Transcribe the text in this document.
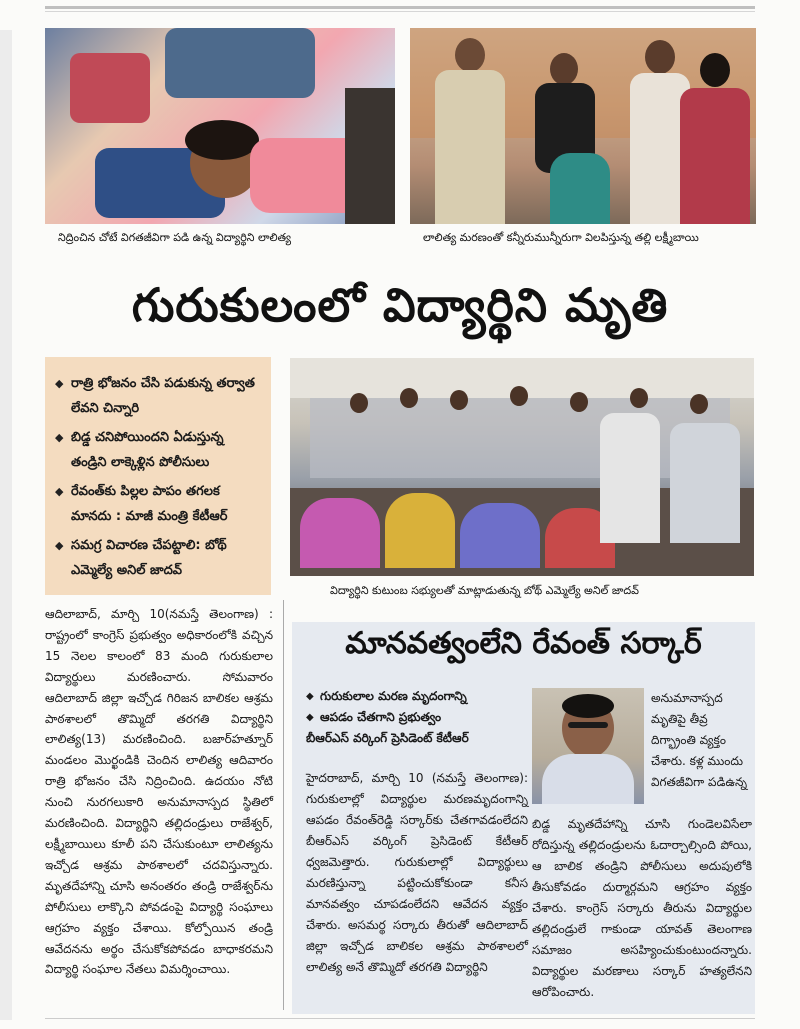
నిద్రించిన చోటే విగతజీవిగా పడి ఉన్న విద్యార్థిని లాలిత్య	లాలిత్య మరణంతో కన్నీరుమున్నీరుగా విలపిస్తున్న తల్లి లక్ష్మీబాయి
గురుకులంలో విద్యార్థిని మృతి
◆ రాత్రి భోజనం చేసి పడుకున్న తర్వాత లేవని చిన్నారి
◆ బిడ్డ చనిపోయిందని ఏడుస్తున్న తండ్రిని లాక్కెళ్లిన పోలీసులు
◆ రేవంత్‌కు పిల్లల పాపం తగలక మానదు : మాజీ మంత్రి కేటీఆర్
◆ సమగ్ర విచారణ చేపట్టాలి: బోథ్ ఎమ్మెల్యే అనిల్ జాదవ్
విద్యార్థిని కుటుంబ సభ్యులతో మాట్లాడుతున్న బోథ్ ఎమ్మెల్యే అనిల్ జాదవ్

ఆదిలాబాద్, మార్చి 10(నమస్తే తెలంగాణ) : రాష్ట్రంలో కాంగ్రెస్ ప్రభుత్వం అధికారంలోకి వచ్చిన 15 నెలల కాలంలో 83 మంది గురుకులాల విద్యార్థులు మరణించారు. సోమవారం ఆదిలాబాద్ జిల్లా ఇచ్చోడ గిరిజన బాలికల ఆశ్రమ పాఠశాలలో తొమ్మిదో తరగతి విద్యార్థిని లాలిత్య(13) మరణించింది. బజార్‌హత్నూర్ మండలం మొర్ఖండికి చెందిన లాలిత్య ఆదివారం రాత్రి భోజనం చేసి నిద్రించింది. ఉదయం నోటి నుంచి నురగలుకారి అనుమానాస్పద స్థితిలో మరణించింది. విద్యార్థిని తల్లిదండ్రులు రాజేశ్వర్, లక్ష్మీబాయిలు కూలీ పని చేసుకుంటూ లాలిత్యను ఇచ్చోడ ఆశ్రమ పాఠశాలలో చదవిస్తున్నారు. మృతదేహాన్ని చూసి అనంతరం తండ్రి రాజేశ్వర్‌ను పోలీసులు లాక్కొని పోవడంపై విద్యార్థి సంఘాలు ఆగ్రహం వ్యక్తం చేశాయి. కోల్పోయిన తండ్రి ఆవేదనను అర్థం చేసుకోకపోవడం బాధాకరమని విద్యార్థి సంఘాల నేతలు విమర్శించాయి.

మానవత్వంలేని రేవంత్ సర్కార్
◆ గురుకులాల మరణ మృదంగాన్ని
◆ ఆపడం చేతగాని ప్రభుత్వం
బీఆర్‌ఎస్ వర్కింగ్ ప్రెసిడెంట్ కేటీఆర్

అనుమానాస్పద మృతిపై తీవ్ర దిగ్భ్రాంతి వ్యక్తం చేశారు. కళ్ల ముందు విగతజీవిగా పడిఉన్న

హైదరాబాద్, మార్చి 10 (నమస్తే తెలంగాణ): గురుకులాల్లో విద్యార్థుల మరణమృదంగాన్ని ఆపడం రేవంత్‌రెడ్డి సర్కార్‌కు చేతగావడంలేదని బీఆర్‌ఎస్ వర్కింగ్ ప్రెసిడెంట్ కేటీఆర్ ధ్వజమెత్తారు. గురుకులాల్లో విద్యార్థులు మరణిస్తున్నా పట్టించుకోకుండా కనీస మానవత్వం చూపడంలేదని ఆవేదన వ్యక్తం చేశారు. అసమర్థ సర్కారు తీరుతో ఆదిలాబాద్ జిల్లా ఇచ్చోడ బాలికల ఆశ్రమ పాఠశాలలో లాలిత్య అనే తొమ్మిదో తరగతి విద్యార్థిని

బిడ్డ మృతదేహాన్ని చూసి గుండెలవిసేలా రోదిస్తున్న తల్లిదండ్రులను ఓదార్చాల్సింది పోయి, ఆ బాలిక తండ్రిని పోలీసులు అదుపులోకి తీసుకోవడం దుర్మార్గమని ఆగ్రహం వ్యక్తం చేశారు. కాంగ్రెస్ సర్కారు తీరును విద్యార్థుల తల్లిదండ్రులే గాకుండా యావత్ తెలంగాణ సమాజం అసహ్యించుకుంటుందన్నారు. విద్యార్థుల మరణాలు సర్కార్ హత్యలేనని ఆరోపించారు.
